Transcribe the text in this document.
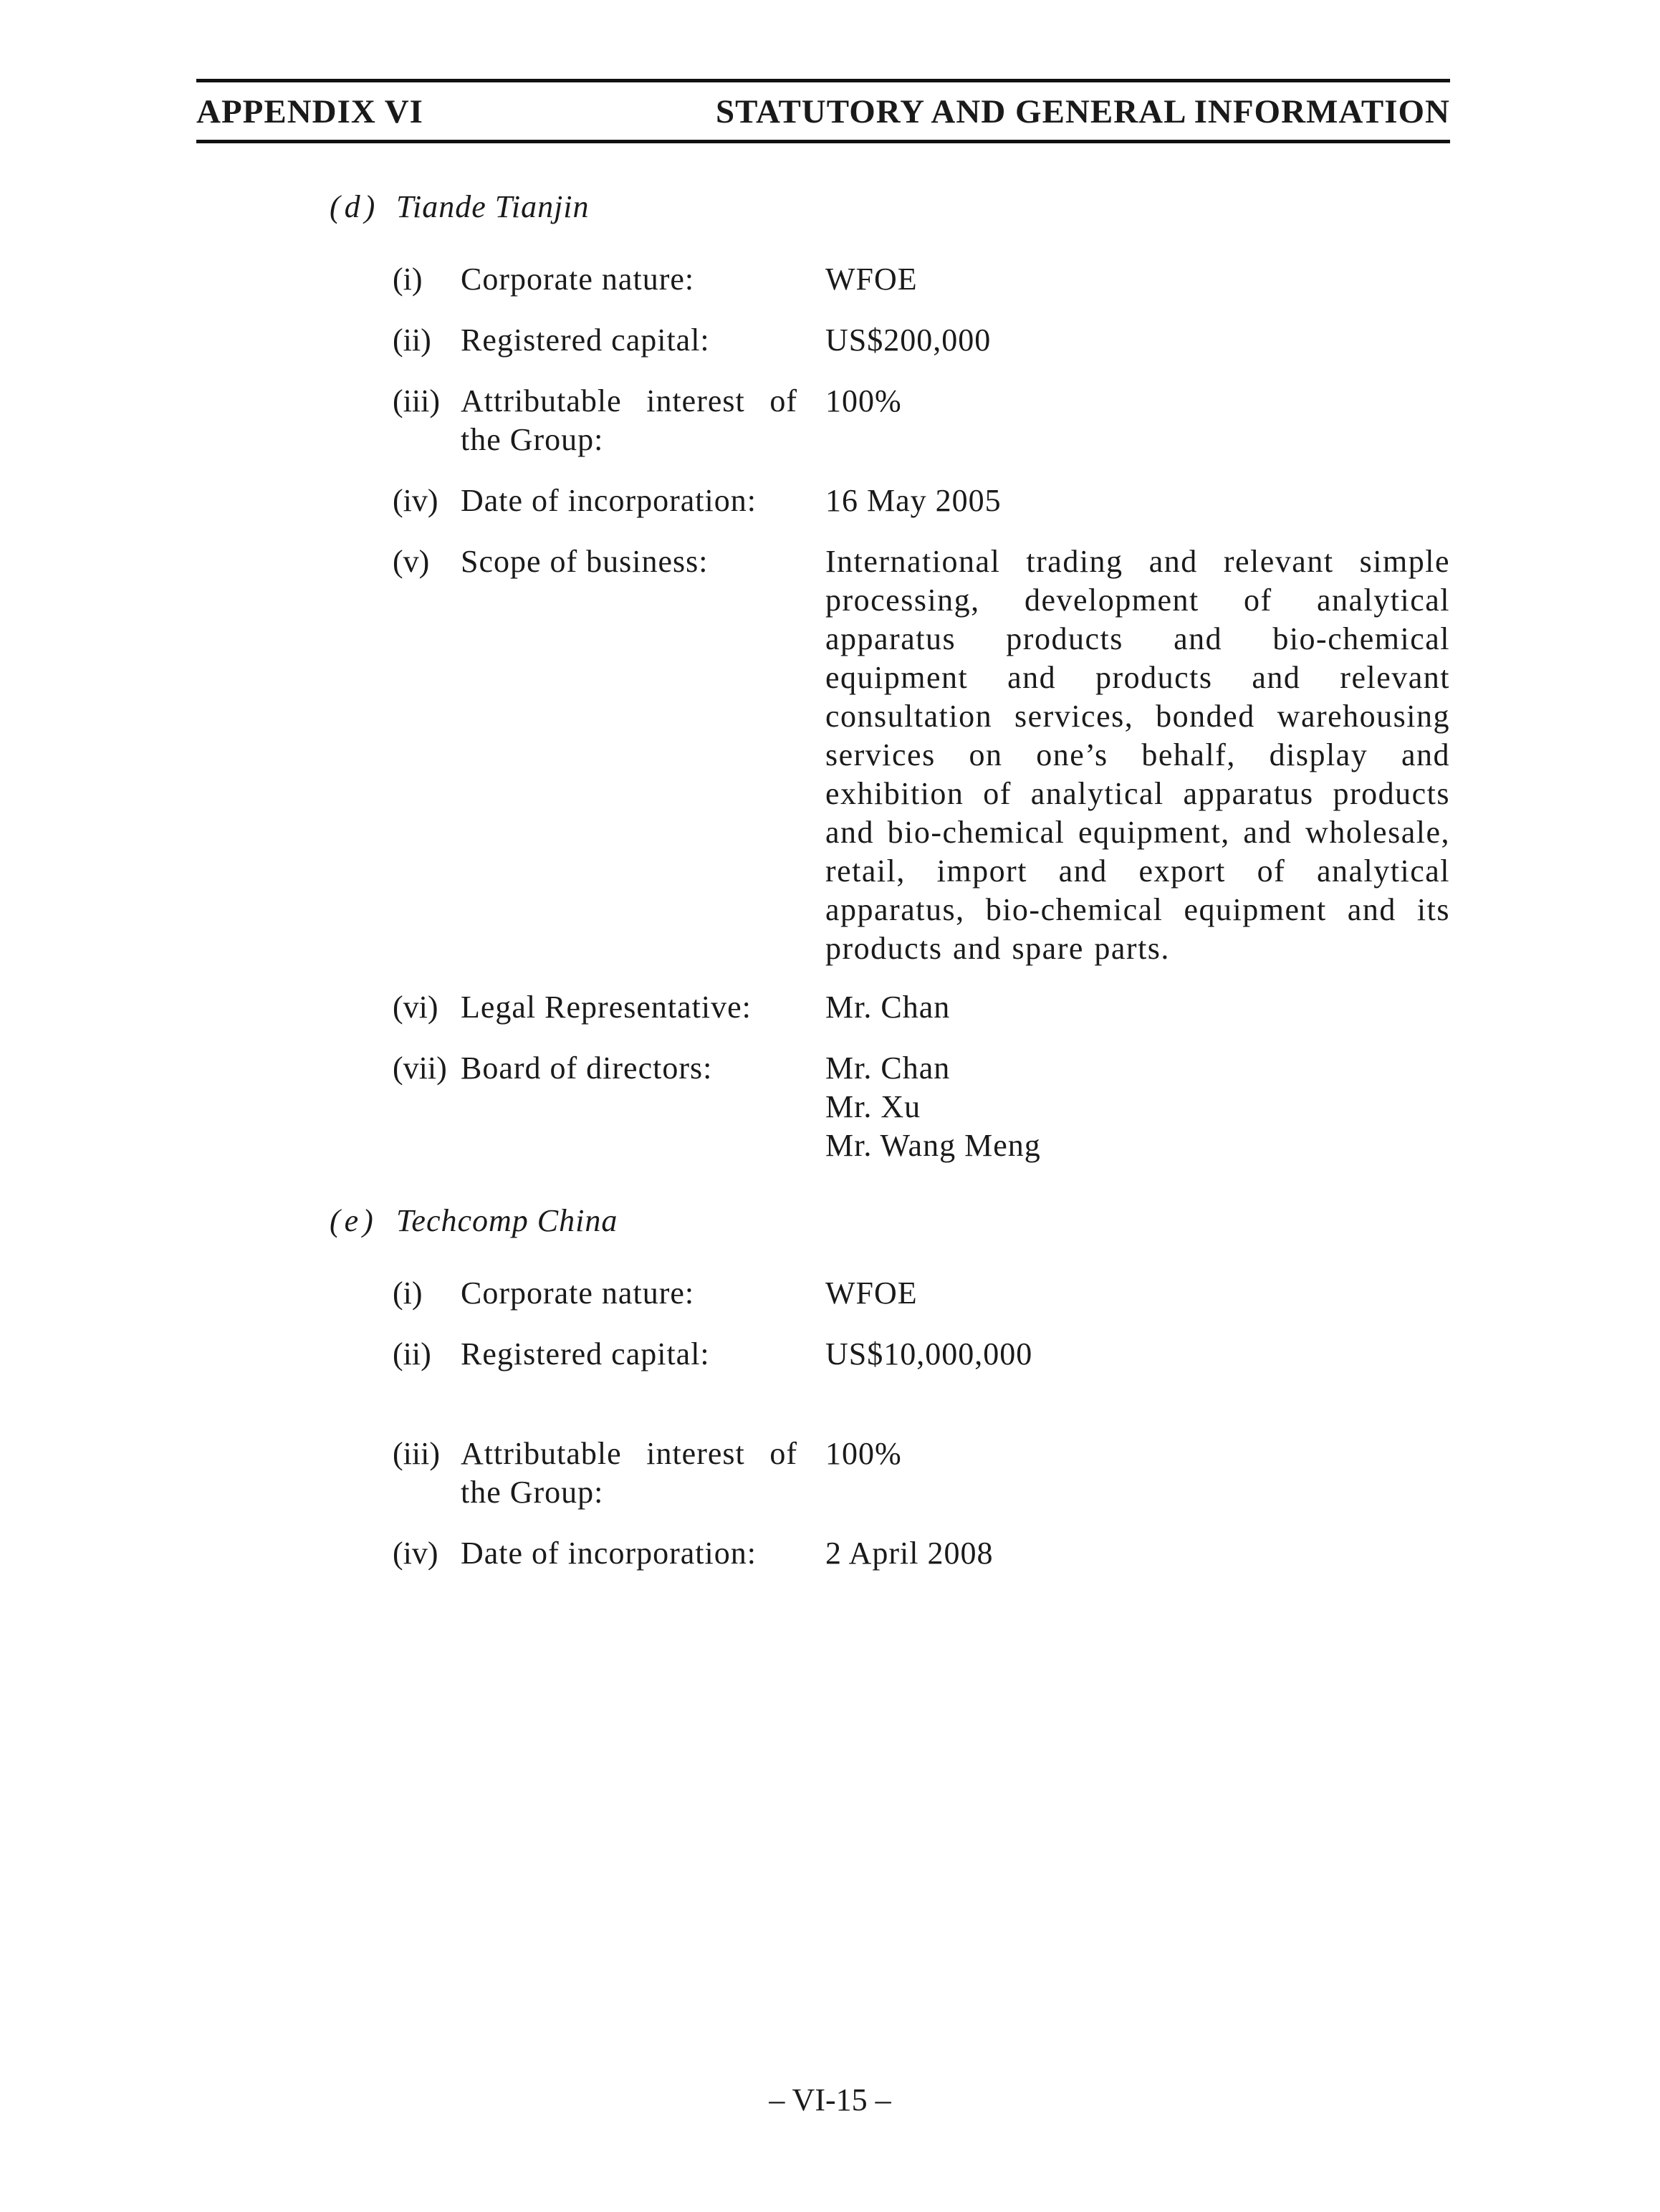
APPENDIX VI	STATUTORY AND GENERAL INFORMATION
(d) Tiande Tianjin
(i) Corporate nature:	WFOE
(ii) Registered capital:	US$200,000
(iii) Attributable interest of the Group:
100%
(iv) Date of incorporation:	16 May 2005
(v) Scope of business:	International trading and relevant simple processing, development of analytical apparatus products and bio-chemical equipment and products and relevant consultation services, bonded warehousing services on one’s behalf, display and exhibition of analytical apparatus products and bio-chemical equipment, and wholesale, retail, import and export of analytical apparatus, bio-chemical equipment and its products and spare parts.
(vi) Legal Representative:	Mr. Chan
(vii) Board of directors:	Mr. Chan
Mr. Xu
Mr. Wang Meng
(e) Techcomp China
(i) Corporate nature:	WFOE
(ii) Registered capital:	US$10,000,000
(iii) Attributable interest of the Group:
100%
(iv) Date of incorporation:	2 April 2008
– VI-15 –
